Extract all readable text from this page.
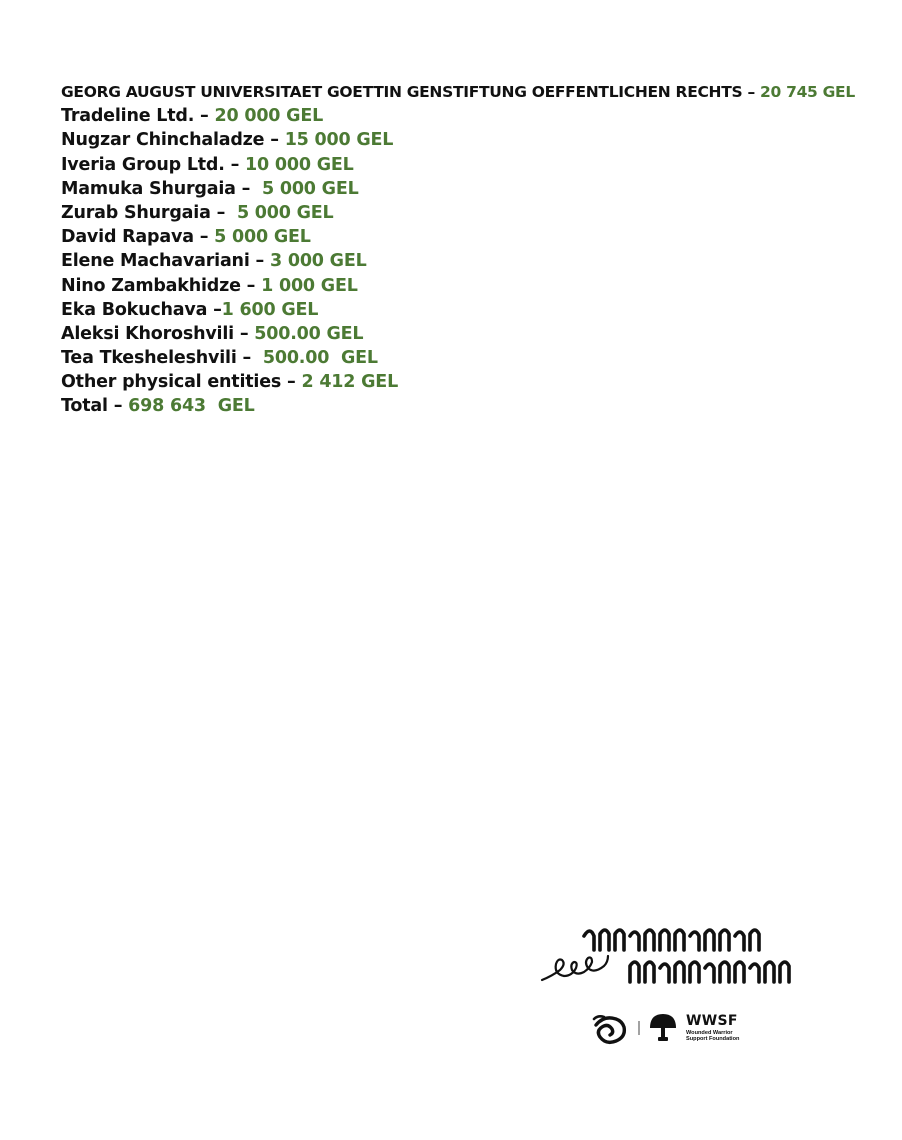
GEORG AUGUST UNIVERSITAET GOETTIN GENSTIFTUNG OEFFENTLICHEN RECHTS – 20 745 GEL
Tradeline Ltd. – 20 000 GEL
Nugzar Chinchaladze – 15 000 GEL
Iveria Group Ltd. – 10 000 GEL
Mamuka Shurgaia –  5 000 GEL
Zurab Shurgaia –  5 000 GEL
David Rapava – 5 000 GEL
Elene Machavariani – 3 000 GEL
Nino Zambakhidze – 1 000 GEL
Eka Bokuchava –1 600 GEL
Aleksi Khoroshvili – 500.00 GEL
Tea Tkesheleshvili –  500.00  GEL
Other physical entities – 2 412 GEL
Total – 698 643  GEL
WWSF
Wounded Warrior
Support Foundation
